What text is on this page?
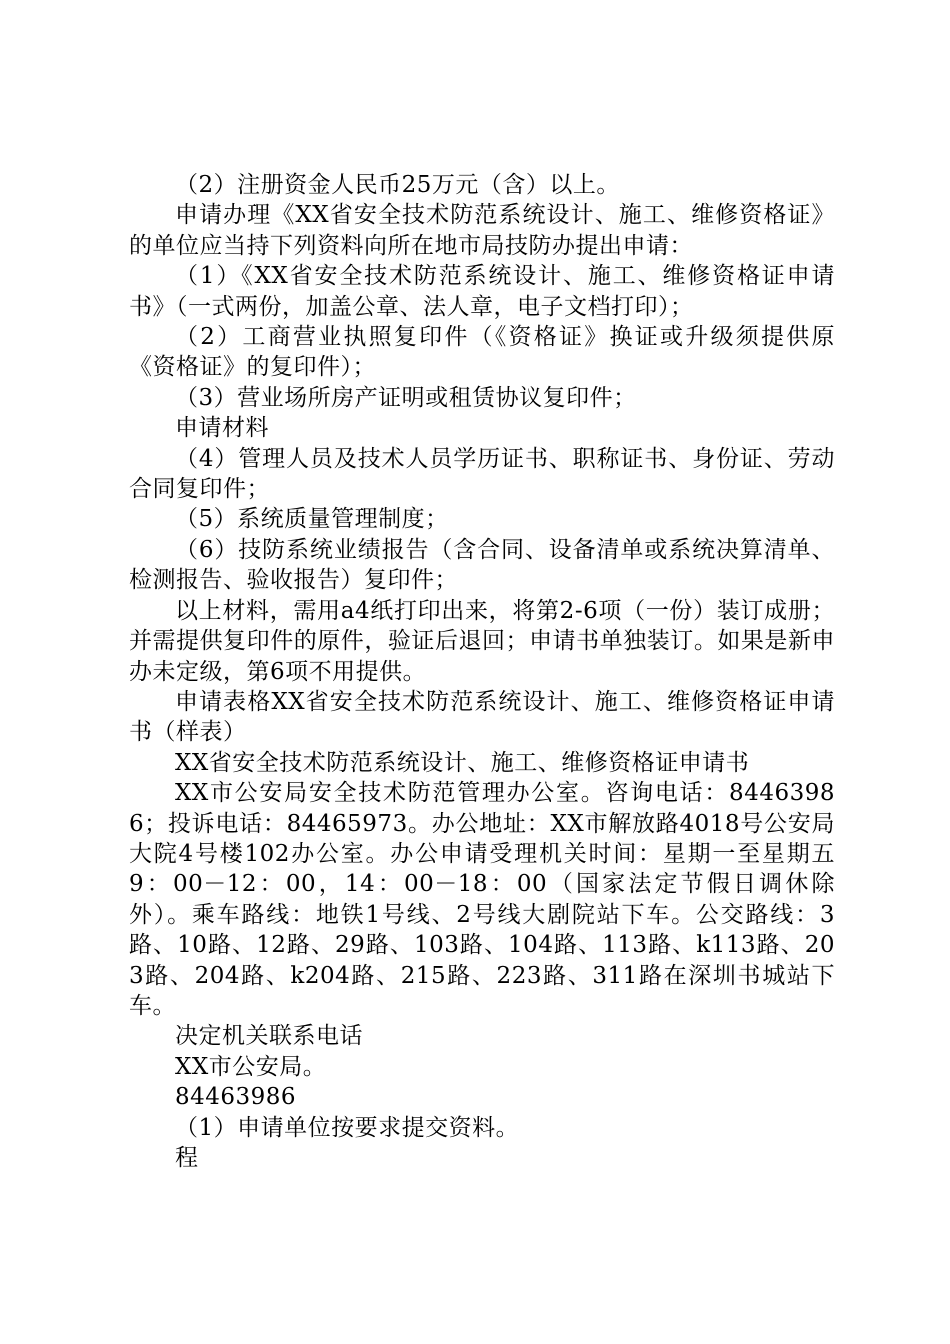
（2）注册资金人民币25万元（含）以上。

申请办理《XX省安全技术防范系统设计、施工、维修资格证》的单位应当持下列资料向所在地市局技防办提出申请：

（1）《XX省安全技术防范系统设计、施工、维修资格证申请书》（一式两份，加盖公章、法人章，电子文档打印）；

（2）工商营业执照复印件（《资格证》换证或升级须提供原《资格证》的复印件）；

（3）营业场所房产证明或租赁协议复印件；

申请材料

（4）管理人员及技术人员学历证书、职称证书、身份证、劳动合同复印件；

（5）系统质量管理制度；

（6）技防系统业绩报告（含合同、设备清单或系统决算清单、检测报告、验收报告）复印件；

以上材料，需用a4纸打印出来，将第2-6项（一份）装订成册；并需提供复印件的原件，验证后退回；申请书单独装订。如果是新申办未定级，第6项不用提供。

申请表格XX省安全技术防范系统设计、施工、维修资格证申请书（样表）

XX省安全技术防范系统设计、施工、维修资格证申请书

XX市公安局安全技术防范管理办公室。咨询电话：84463986；投诉电话：84465973。办公地址：XX市解放路4018号公安局大院4号楼102办公室。办公申请受理机关时间：星期一至星期五9：00－12：00，14：00－18：00（国家法定节假日调休除外）。乘车路线：地铁1号线、2号线大剧院站下车。公交路线：3路、10路、12路、29路、103路、104路、113路、k113路、203路、204路、k204路、215路、223路、311路在深圳书城站下车。

决定机关联系电话

XX市公安局。

84463986

（1）申请单位按要求提交资料。

程
